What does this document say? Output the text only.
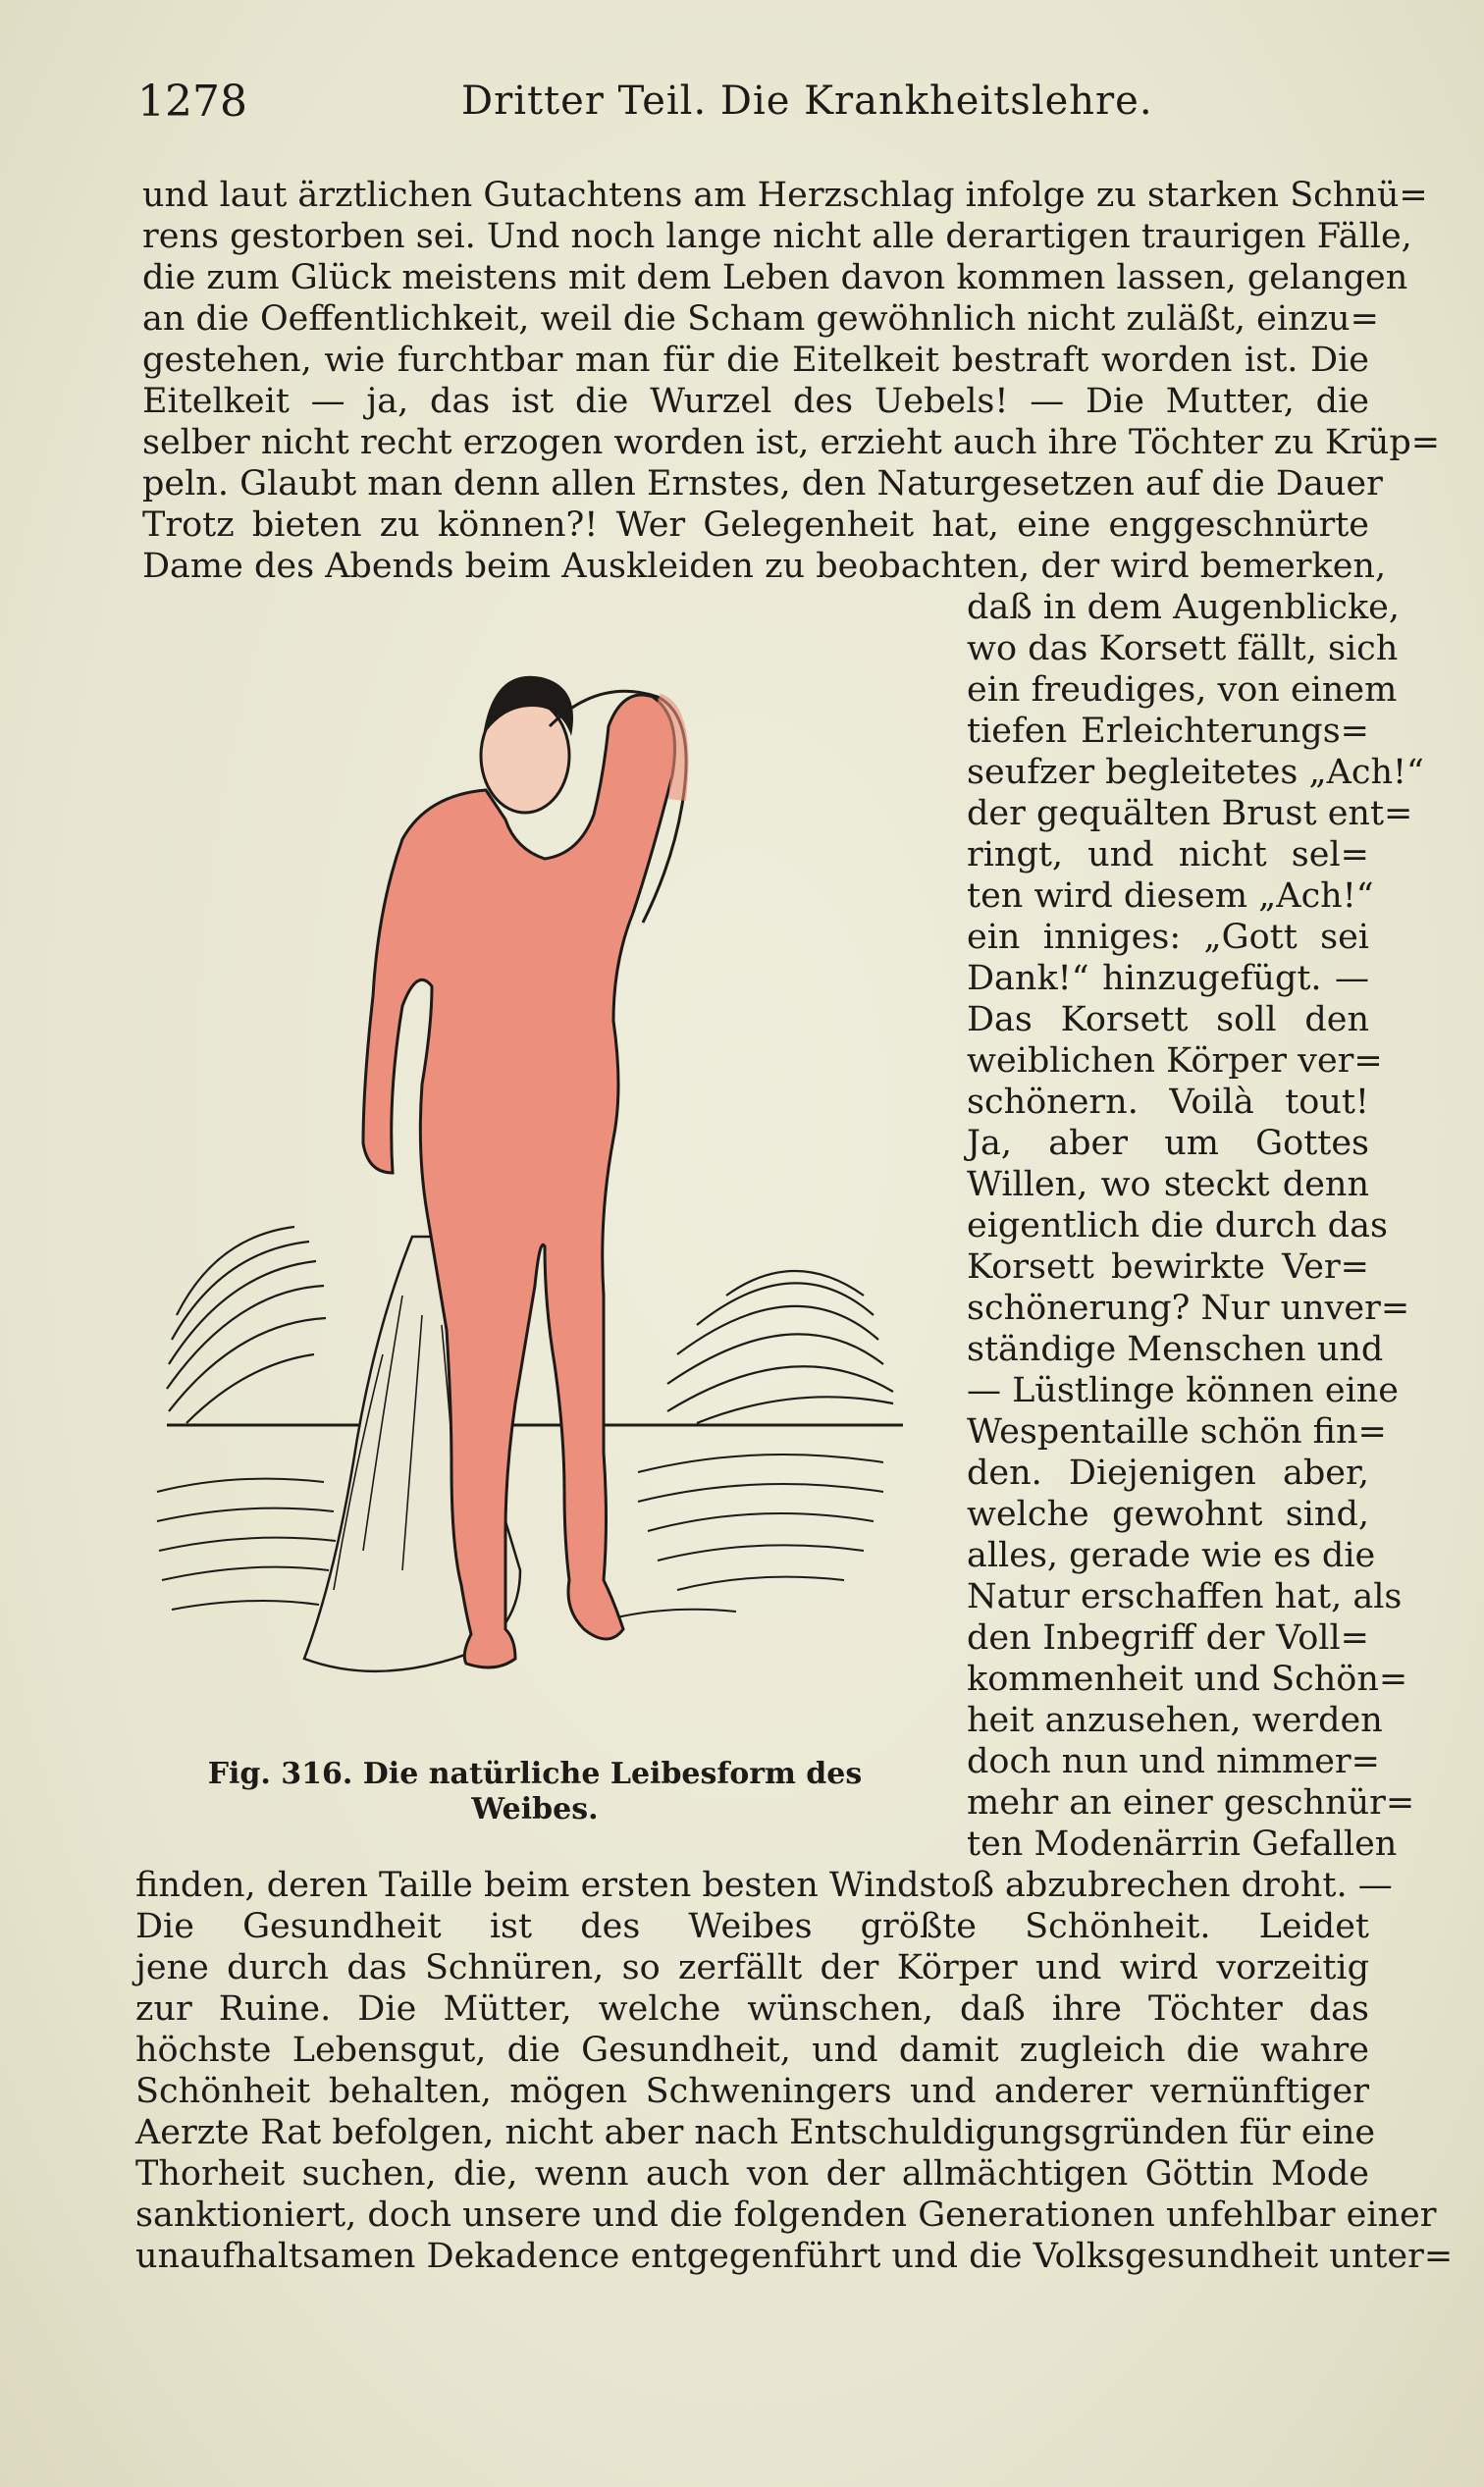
1278	Dritter Teil. Die Krankheitslehre.
und laut ärztlichen Gutachtens am Herzschlag infolge zu starken Schnü=
rens gestorben sei. Und noch lange nicht alle derartigen traurigen Fälle,
die zum Glück meistens mit dem Leben davon kommen lassen, gelangen
an die Oeffentlichkeit, weil die Scham gewöhnlich nicht zuläßt, einzu=
gestehen, wie furchtbar man für die Eitelkeit bestraft worden ist. Die
Eitelkeit — ja, das ist die Wurzel des Uebels! — Die Mutter, die
selber nicht recht erzogen worden ist, erzieht auch ihre Töchter zu Krüp=
peln. Glaubt man denn allen Ernstes, den Naturgesetzen auf die Dauer
Trotz bieten zu können?! Wer Gelegenheit hat, eine enggeschnürte
Dame des Abends beim Auskleiden zu beobachten, der wird bemerken,
daß in dem Augenblicke,
wo das Korsett fällt, sich
ein freudiges, von einem
tiefen Erleichterungs=
seufzer begleitetes „Ach!“
der gequälten Brust ent=
ringt, und nicht sel=
ten wird diesem „Ach!“
ein inniges: „Gott sei
Dank!“ hinzugefügt. —
Das Korsett soll den
weiblichen Körper ver=
schönern. Voilà tout!
Ja, aber um Gottes
Willen, wo steckt denn
eigentlich die durch das
Korsett bewirkte Ver=
schönerung? Nur unver=
ständige Menschen und
— Lüstlinge können eine
Wespentaille schön fin=
den. Diejenigen aber,
welche gewohnt sind,
alles, gerade wie es die
Natur erschaffen hat, als
den Inbegriff der Voll=
kommenheit und Schön=
heit anzusehen, werden
doch nun und nimmer=
mehr an einer geschnür=
ten Modenärrin Gefallen
Fig. 316. Die natürliche Leibesform des
Weibes.
finden, deren Taille beim ersten besten Windstoß abzubrechen droht. —
Die Gesundheit ist des Weibes größte Schönheit. Leidet
jene durch das Schnüren, so zerfällt der Körper und wird vorzeitig
zur Ruine. Die Mütter, welche wünschen, daß ihre Töchter das
höchste Lebensgut, die Gesundheit, und damit zugleich die wahre
Schönheit behalten, mögen Schweningers und anderer vernünftiger
Aerzte Rat befolgen, nicht aber nach Entschuldigungsgründen für eine
Thorheit suchen, die, wenn auch von der allmächtigen Göttin Mode
sanktioniert, doch unsere und die folgenden Generationen unfehlbar einer
unaufhaltsamen Dekadence entgegenführt und die Volksgesundheit unter=
